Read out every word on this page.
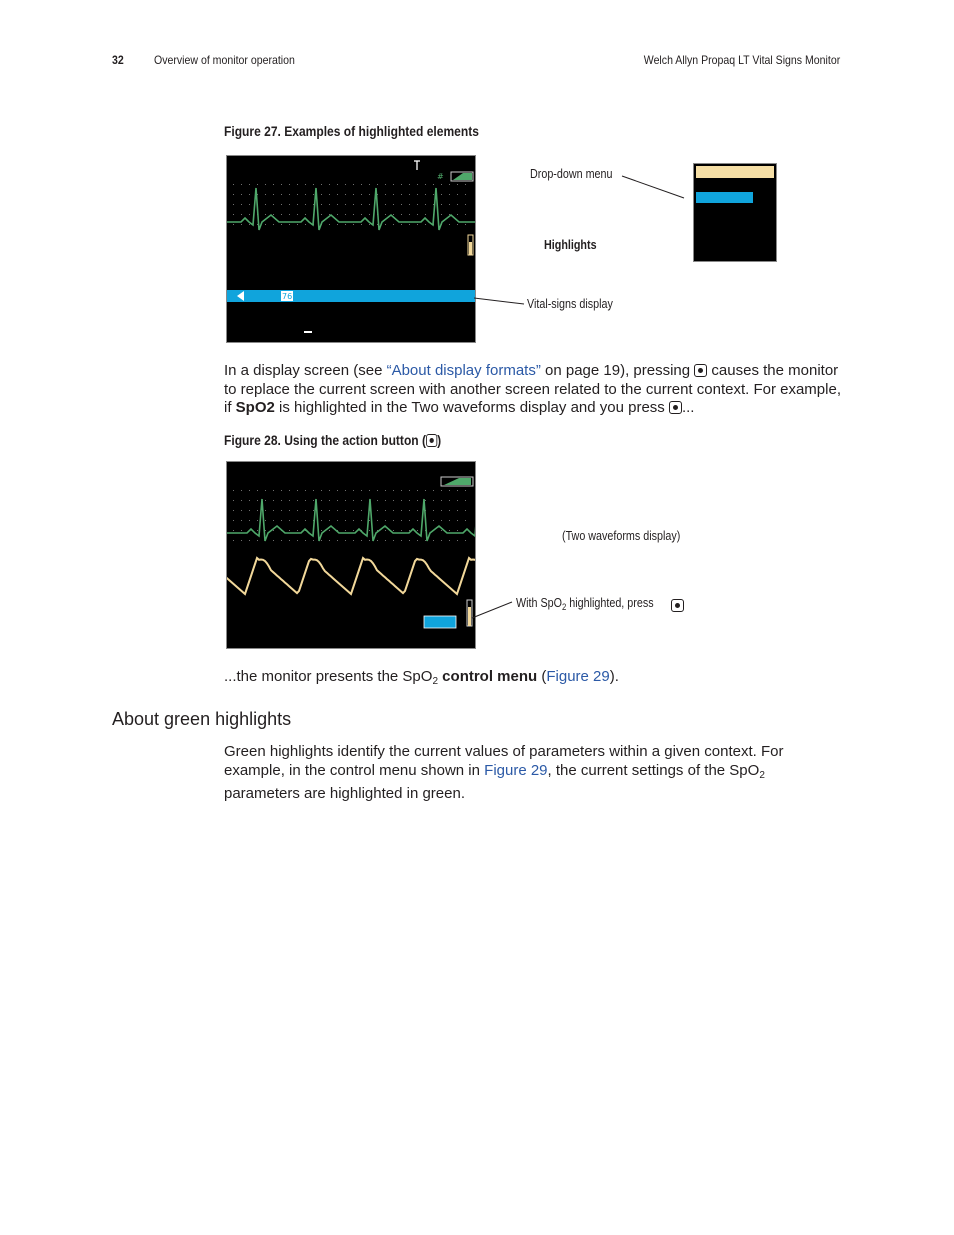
32	Overview of monitor operation	Welch Allyn Propaq LT Vital Signs Monitor
Figure 27. Examples of highlighted elements
#
76
Drop-down menu
Highlights
Vital-signs display
In a display screen (see “About display formats” on page 19), pressing  causes the monitor to replace the current screen with another screen related to the current context. For example, if SpO2 is highlighted in the Two waveforms display and you press ...
Figure 28. Using the action button ( )
(Two waveforms display)
With SpO$_2$ highlighted, press
...the monitor presents the SpO$_2$ control menu (Figure 29).
About green highlights
Green highlights identify the current values of parameters within a given context. For example, in the control menu shown in Figure 29, the current settings of the SpO$_2$ parameters are highlighted in green.
